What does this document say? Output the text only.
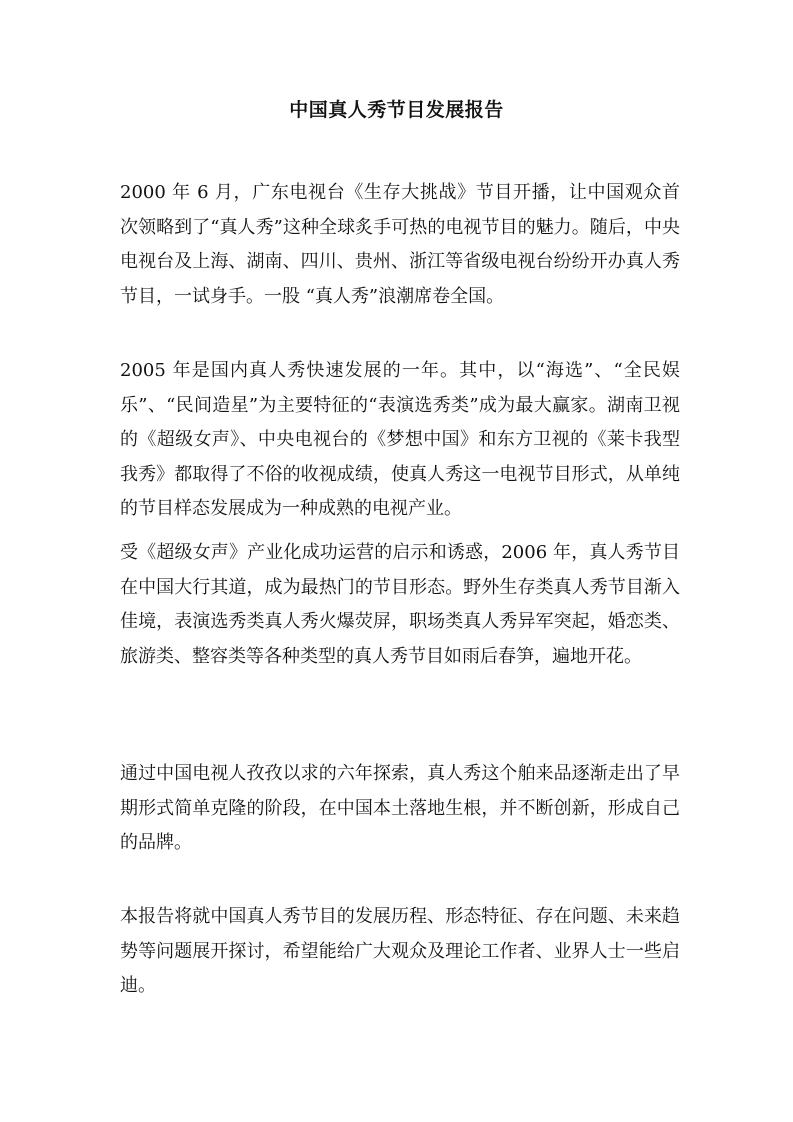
中国真人秀节目发展报告

2000 年 6 月，广东电视台《生存大挑战》节目开播，让中国观众首次领略到了“真人秀”这种全球炙手可热的电视节目的魅力。随后，中央电视台及上海、湖南、四川、贵州、浙江等省级电视台纷纷开办真人秀节目，一试身手。一股 “真人秀”浪潮席卷全国。

2005 年是国内真人秀快速发展的一年。其中，以“海选”、“全民娱乐”、“民间造星”为主要特征的“表演选秀类”成为最大赢家。湖南卫视的《超级女声》、中央电视台的《梦想中国》和东方卫视的《莱卡我型我秀》都取得了不俗的收视成绩，使真人秀这一电视节目形式，从单纯的节目样态发展成为一种成熟的电视产业。

受《超级女声》产业化成功运营的启示和诱惑，2006 年，真人秀节目在中国大行其道，成为最热门的节目形态。野外生存类真人秀节目渐入佳境，表演选秀类真人秀火爆荧屏，职场类真人秀异军突起，婚恋类、旅游类、整容类等各种类型的真人秀节目如雨后春笋，遍地开花。

通过中国电视人孜孜以求的六年探索，真人秀这个舶来品逐渐走出了早期形式简单克隆的阶段，在中国本土落地生根，并不断创新，形成自己的品牌。

本报告将就中国真人秀节目的发展历程、形态特征、存在问题、未来趋势等问题展开探讨，希望能给广大观众及理论工作者、业界人士一些启迪。
